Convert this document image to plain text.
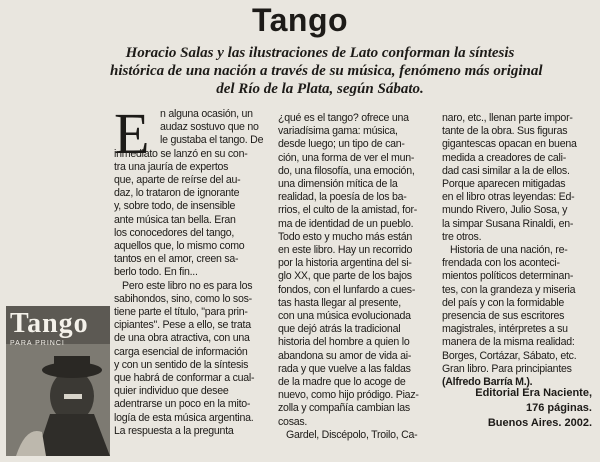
Tango
Horacio Salas y las ilustraciones de Lato conforman la síntesis
histórica de una nación a través de su música, fenómeno más original
del Río de la Plata, según Sábato.
E n alguna ocasión, un
audaz sostuvo que no
le gustaba el tango. De
inmediato se lanzó en su con-
tra una jauría de expertos
que, aparte de reírse del au-
daz, lo trataron de ignorante
y, sobre todo, de insensible
ante música tan bella. Eran
los conocedores del tango,
aquellos que, lo mismo como
tantos en el amor, creen sa-
berlo todo. En fin...
Pero este libro no es para los
sabihondos, sino, como lo sos-
tiene parte el título, "para prin-
cipiantes". Pese a ello, se trata
de una obra atractiva, con una
carga esencial de información
y con un sentido de la síntesis
que habrá de conformar a cual-
quier individuo que desee
adentrarse un poco en la mito-
logía de esta música argentina.
La respuesta a la pregunta
¿qué es el tango? ofrece una
variadísima gama: música,
desde luego; un tipo de can-
ción, una forma de ver el mun-
do, una filosofía, una emoción,
una dimensión mítica de la
realidad, la poesía de los ba-
rrios, el culto de la amistad, for-
ma de identidad de un pueblo.
Todo esto y mucho más están
en este libro. Hay un recorrido
por la historia argentina del si-
glo XX, que parte de los bajos
fondos, con el lunfardo a cues-
tas hasta llegar al presente,
con una música evolucionada
que dejó atrás la tradicional
historia del hombre a quien lo
abandona su amor de vida ai-
rada y que vuelve a las faldas
de la madre que lo acoge de
nuevo, como hijo pródigo. Piaz-
zolla y compañía cambian las
cosas.
Gardel, Discépolo, Troilo, Ca-
naro, etc., llenan parte impor-
tante de la obra. Sus figuras
gigantescas opacan en buena
medida a creadores de cali-
dad casi similar a la de ellos.
Porque aparecen mitigadas
en el libro otras leyendas: Ed-
mundo Rivero, Julio Sosa, y
la simpar Susana Rinaldi, en-
tre otros.
Historia de una nación, re-
frendada con los aconteci-
mientos políticos determinan-
tes, con la grandeza y miseria
del país y con la formidable
presencia de sus escritores
magistrales, intérpretes a su
manera de la misma realidad:
Borges, Cortázar, Sábato, etc.
Gran libro. Para principiantes
(Alfredo Barría M.).
Editorial Era Naciente,
176 páginas.
Buenos Aires. 2002.
Tango
PARA PRINCI
